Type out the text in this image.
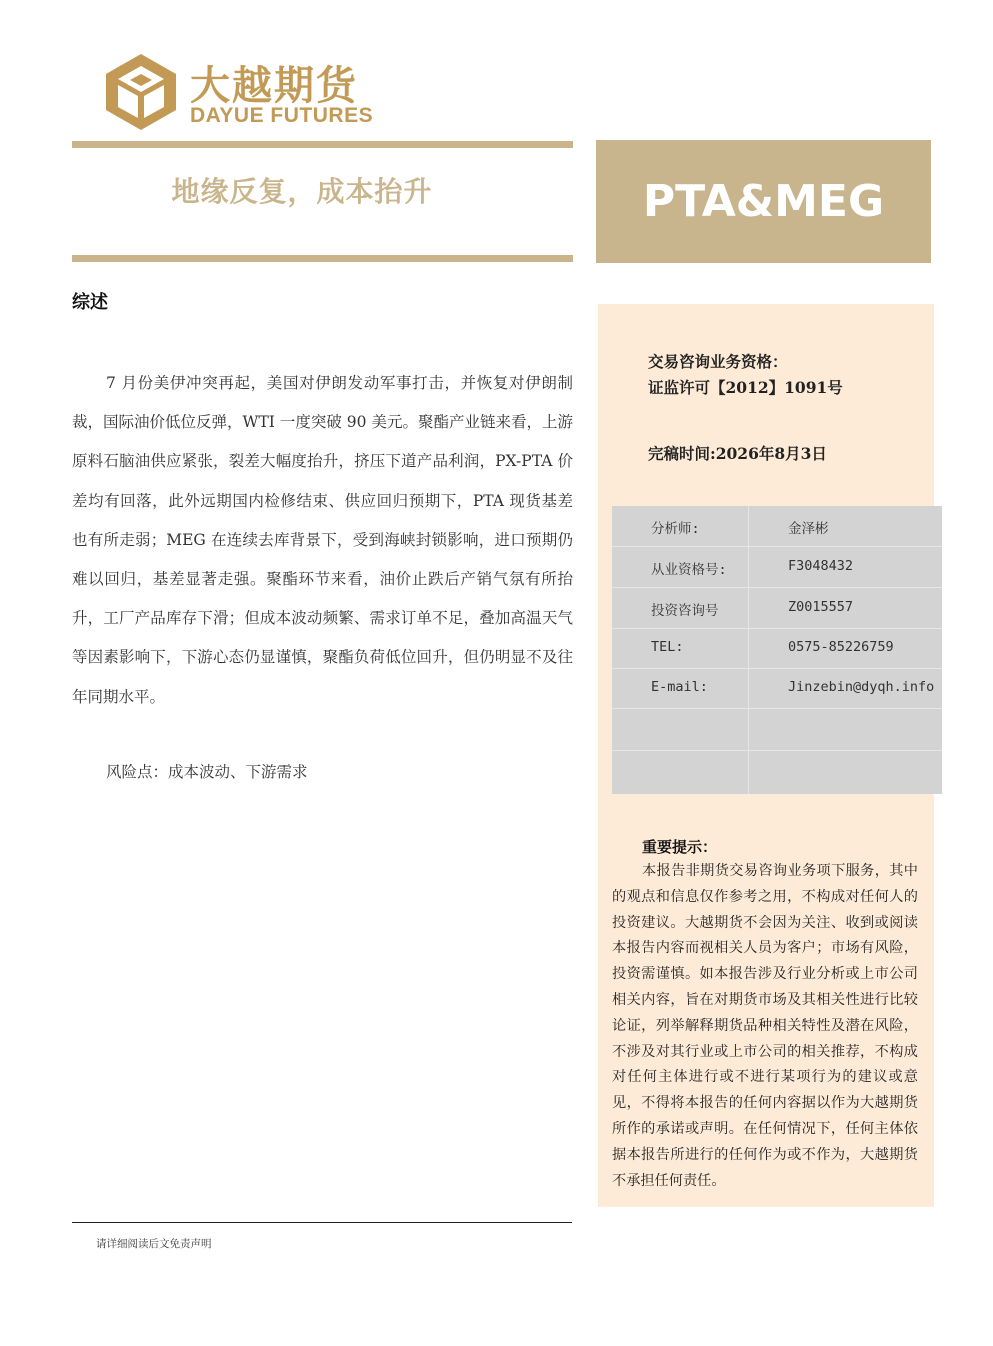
大越期货
DAYUE FUTURES
地缘反复，成本抬升	PTA&MEG
综述

7 月份美伊冲突再起，美国对伊朗发动军事打击，并恢复对伊朗制裁，国际油价低位反弹，WTI 一度突破 90 美元。聚酯产业链来看，上游原料石脑油供应紧张，裂差大幅度抬升，挤压下道产品利润，PX-PTA 价差均有回落，此外远期国内检修结束、供应回归预期下，PTA 现货基差也有所走弱；MEG 在连续去库背景下，受到海峡封锁影响，进口预期仍难以回归，基差显著走强。聚酯环节来看，油价止跌后产销气氛有所抬升，工厂产品库存下滑；但成本波动频繁、需求订单不足，叠加高温天气等因素影响下，下游心态仍显谨慎，聚酯负荷低位回升，但仍明显不及往年同期水平。

风险点：成本波动、下游需求
交易咨询业务资格：
证监许可【2012】1091号
完稿时间:2026年8月3日
分析师:	金泽彬
从业资格号:	F3048432
投资咨询号	Z0015557
TEL:	0575-85226759
E-mail:	Jinzebin@dyqh.info
重要提示：

本报告非期货交易咨询业务项下服务，其中的观点和信息仅作参考之用，不构成对任何人的投资建议。大越期货不会因为关注、收到或阅读本报告内容而视相关人员为客户；市场有风险，投资需谨慎。如本报告涉及行业分析或上市公司相关内容，旨在对期货市场及其相关性进行比较论证，列举解释期货品种相关特性及潜在风险，不涉及对其行业或上市公司的相关推荐，不构成 对任何主体进行或不进行某项行为的建议或意见，不得将本报告的任何内容据以作为大越期货所作的承诺或声明。在任何情况下，任何主体依据本报告所进行的任何作为或不作为，大越期货不承担任何责任。

请详细阅读后文免责声明
